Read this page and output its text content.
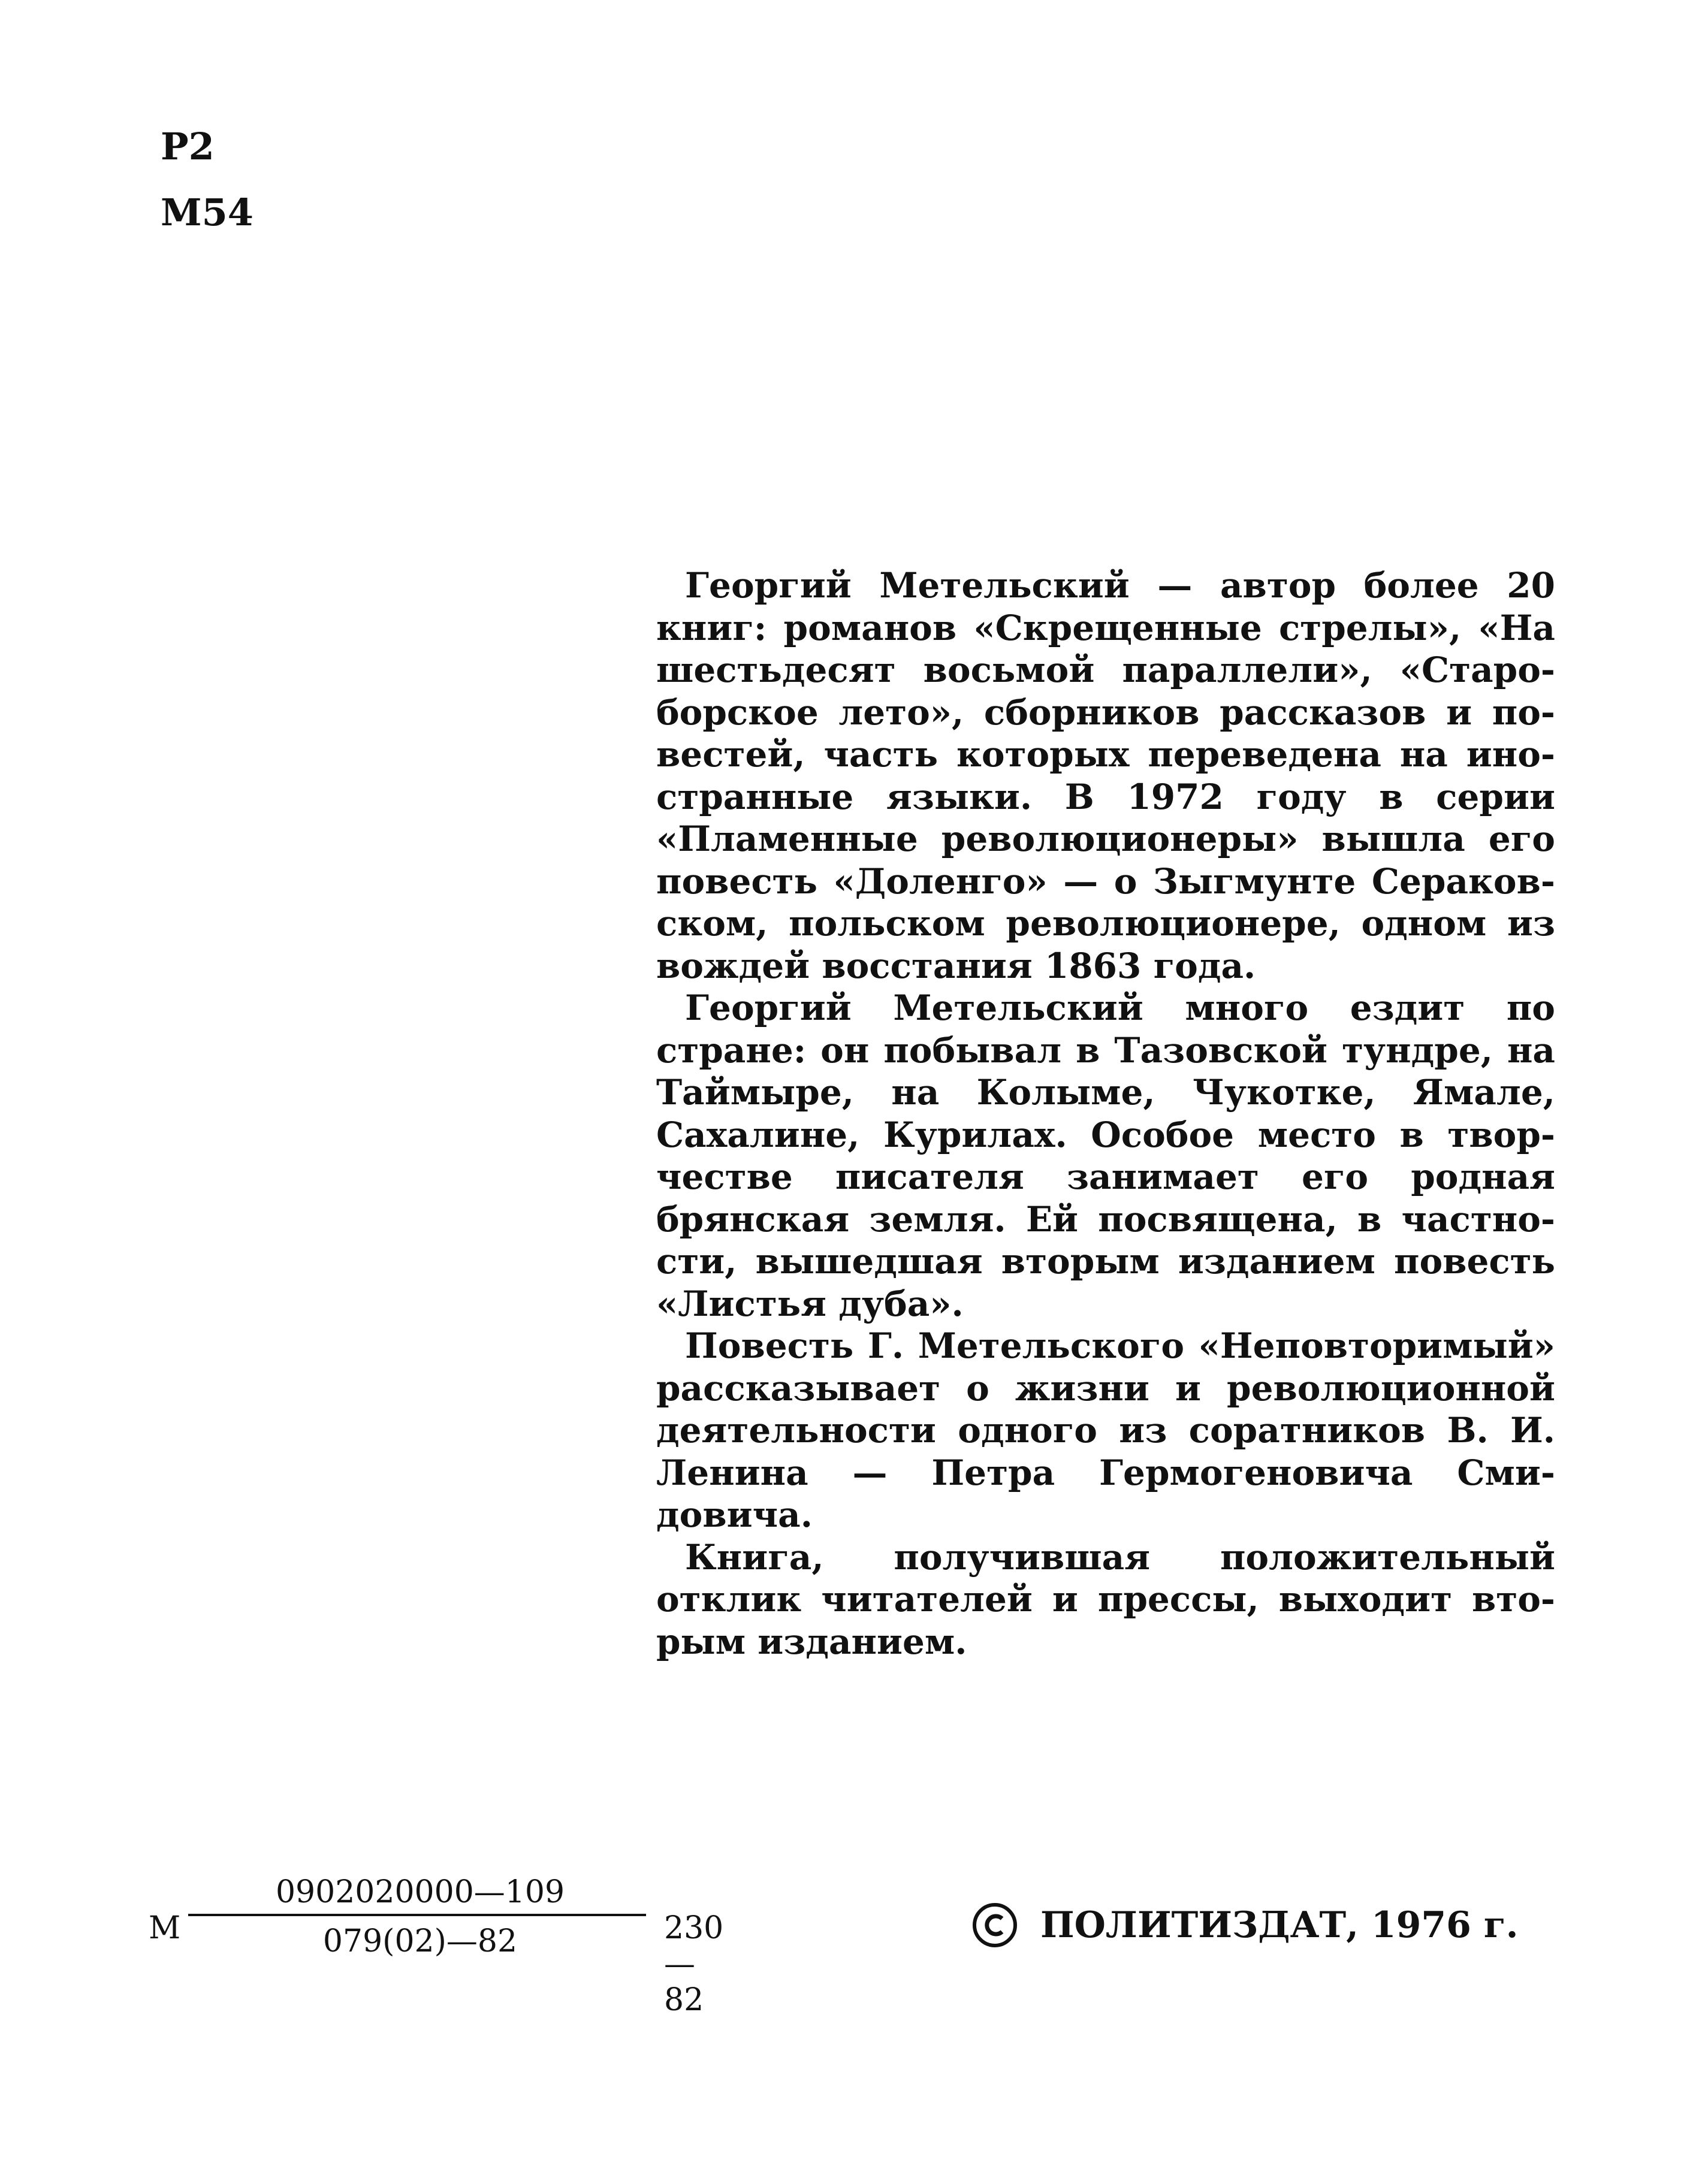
Р2
М54

Георгий Метельский — автор более 20 книг: романов «Скрещенные стрелы», «На шестьдесят восьмой параллели», «Староборское лето», сборников рассказов и повестей, часть которых переведена на иностранные языки. В 1972 году в серии «Пламенные революционеры» вышла его повесть «Доленго» — о Зыгмунте Сераковском, польском революционере, одном из вождей восстания 1863 года.

Георгий Метельский много ездит по стране: он побывал в Тазовской тундре, на Таймыре, на Колыме, Чукотке, Ямале, Сахалине, Курилах. Особое место в творчестве писателя занимает его родная брянская земля. Ей посвящена, в частности, вышедшая вторым изданием повесть «Листья дуба».

Повесть Г. Метельского «Неповторимый» рассказывает о жизни и революционной деятельности одного из соратников В. И. Ленина — Петра Гермогеновича Смидовича.

Книга, получившая положительный отклик читателей и прессы, выходит вторым изданием.

М
0902020000—109
079(02)—82	230—82
ПОЛИТИЗДАТ, 1976 г.
